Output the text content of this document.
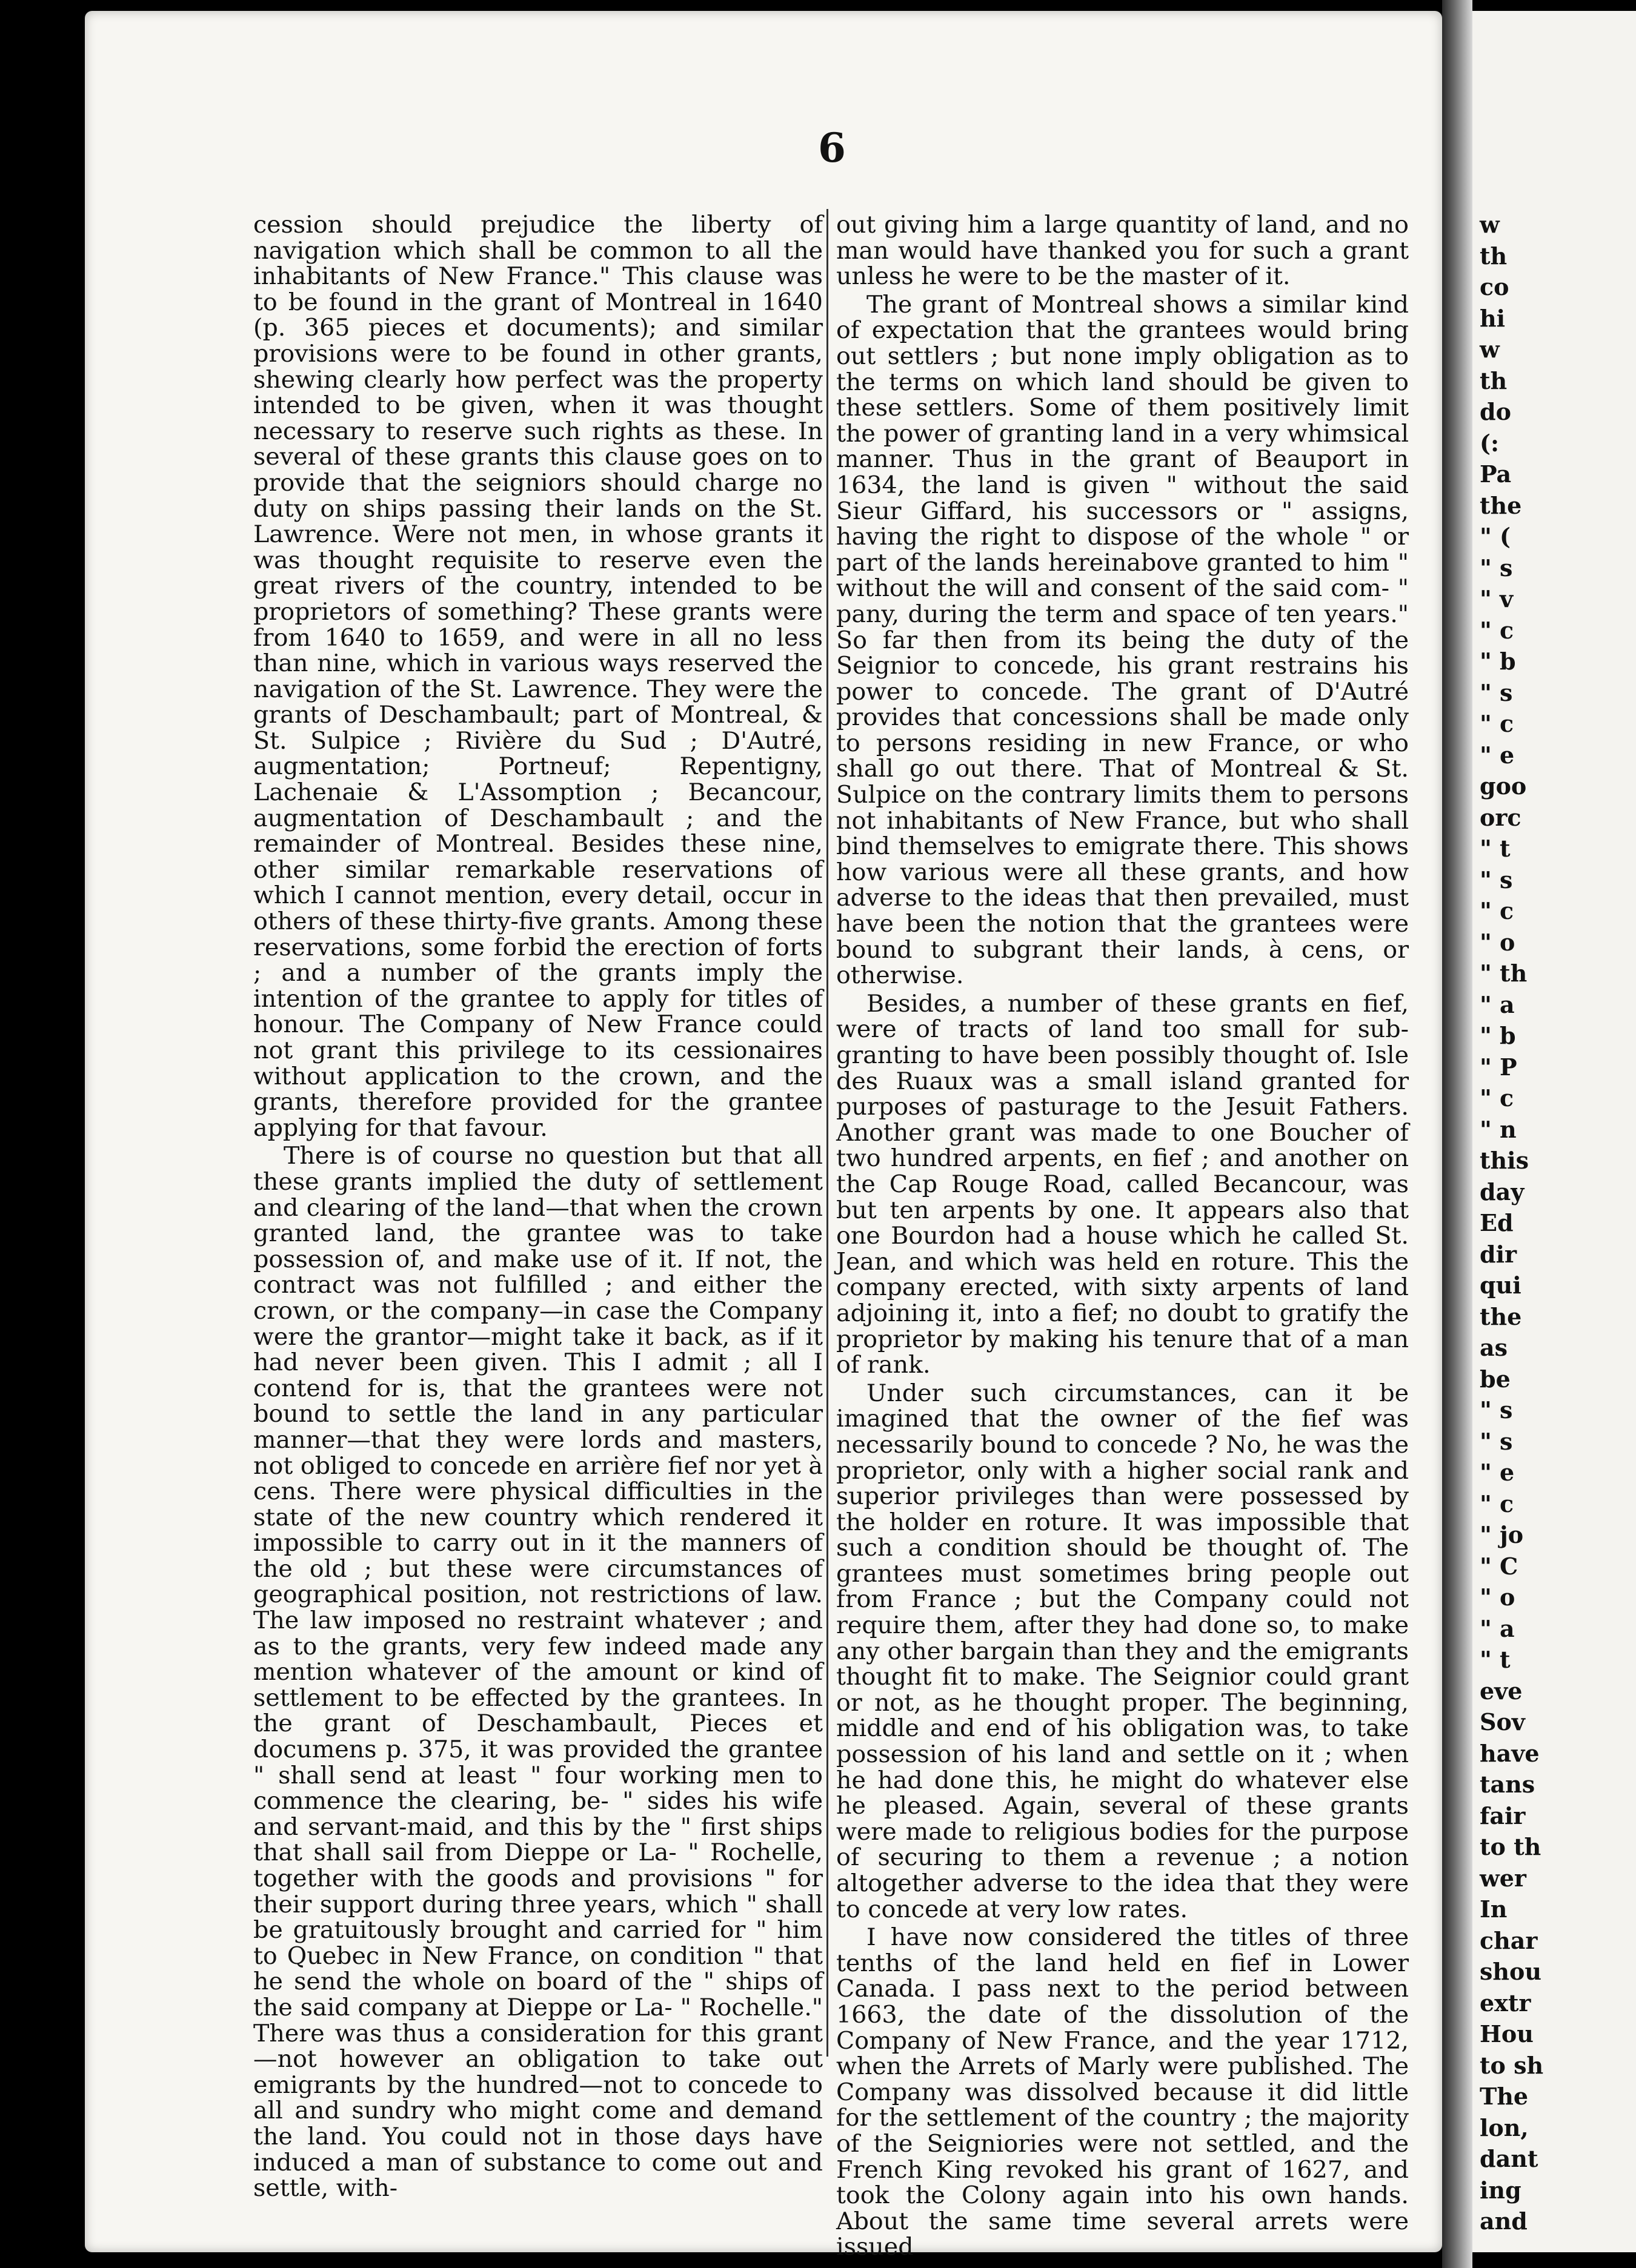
w
th
co
hi
w
th
do
(:
Pa
the
" (
" s
" v
" c
" b
" s
" c
" e
goo
orc
" t
" s
" c
" o
" th
" a
" b
" P
" c
" n
this
day
Ed
dir
qui
the
as
be
" s
" s
" e
" c
" jo
" C
" o
" a
" t
eve
Sov
have
tans
fair
to th
wer
In
char
shou
extr
Hou
to sh
The
lon,
dant
ing
and
6

cession should prejudice the liberty of navigation which shall be common to all the inhabitants of New France." This clause was to be found in the grant of Montreal in 1640 (p. 365 pieces et documents); and similar provisions were to be found in other grants, shewing clearly how perfect was the property intended to be given, when it was thought necessary to reserve such rights as these. In several of these grants this clause goes on to provide that the seigniors should charge no duty on ships passing their lands on the St. Lawrence. Were not men, in whose grants it was thought requisite to reserve even the great rivers of the country, intended to be proprietors of something? These grants were from 1640 to 1659, and were in all no less than nine, which in various ways reserved the navigation of the St. Lawrence. They were the grants of Deschambault; part of Montreal, & St. Sulpice ; Rivière du Sud ; D'Autré, augmentation; Portneuf; Repentigny, Lachenaie & L'Assomption ; Becancour, augmentation of Deschambault ; and the remainder of Montreal. Besides these nine, other similar remarkable reservations of which I cannot mention, every detail, occur in others of these thirty-five grants. Among these reservations, some forbid the erection of forts ; and a number of the grants imply the intention of the grantee to apply for titles of honour. The Company of New France could not grant this privilege to its cessionaires without application to the crown, and the grants, therefore provided for the grantee applying for that favour.

There is of course no question but that all these grants implied the duty of settlement and clearing of the land—that when the crown granted land, the grantee was to take possession of, and make use of it. If not, the contract was not fulfilled ; and either the crown, or the company—in case the Company were the grantor—might take it back, as if it had never been given. This I admit ; all I contend for is, that the grantees were not bound to settle the land in any particular manner—that they were lords and masters, not obliged to concede en arrière fief nor yet à cens. There were physical difficulties in the state of the new country which rendered it impossible to carry out in it the manners of the old ; but these were circumstances of geographical position, not restrictions of law. The law imposed no restraint whatever ; and as to the grants, very few indeed made any mention whatever of the amount or kind of settlement to be effected by the grantees. In the grant of Deschambault, Pieces et documens p. 375, it was provided the grantee " shall send at least " four working men to commence the clearing, be- " sides his wife and servant-maid, and this by the " first ships that shall sail from Dieppe or La- " Rochelle, together with the goods and provisions " for their support during three years, which " shall be gratuitously brought and carried for " him to Quebec in New France, on condition " that he send the whole on board of the " ships of the said company at Dieppe or La- " Rochelle." There was thus a consideration for this grant—not however an obligation to take out emigrants by the hundred—not to concede to all and sundry who might come and demand the land. You could not in those days have induced a man of substance to come out and settle, with-

out giving him a large quantity of land, and no man would have thanked you for such a grant unless he were to be the master of it.

The grant of Montreal shows a similar kind of expectation that the grantees would bring out settlers ; but none imply obligation as to the terms on which land should be given to these settlers. Some of them positively limit the power of granting land in a very whimsical manner. Thus in the grant of Beauport in 1634, the land is given " without the said Sieur Giffard, his successors or " assigns, having the right to dispose of the whole " or part of the lands hereinabove granted to him " without the will and consent of the said com- " pany, during the term and space of ten years." So far then from its being the duty of the Seignior to concede, his grant restrains his power to concede. The grant of D'Autré provides that concessions shall be made only to persons residing in new France, or who shall go out there. That of Montreal & St. Sulpice on the contrary limits them to persons not inhabitants of New France, but who shall bind themselves to emigrate there. This shows how various were all these grants, and how adverse to the ideas that then prevailed, must have been the notion that the grantees were bound to subgrant their lands, à cens, or otherwise.

Besides, a number of these grants en fief, were of tracts of land too small for sub-granting to have been possibly thought of. Isle des Ruaux was a small island granted for purposes of pasturage to the Jesuit Fathers. Another grant was made to one Boucher of two hundred arpents, en fief ; and another on the Cap Rouge Road, called Becancour, was but ten arpents by one. It appears also that one Bourdon had a house which he called St. Jean, and which was held en roture. This the company erected, with sixty arpents of land adjoining it, into a fief; no doubt to gratify the proprietor by making his tenure that of a man of rank.

Under such circumstances, can it be imagined that the owner of the fief was necessarily bound to concede ? No, he was the proprietor, only with a higher social rank and superior privileges than were possessed by the holder en roture. It was impossible that such a condition should be thought of. The grantees must sometimes bring people out from France ; but the Company could not require them, after they had done so, to make any other bargain than they and the emigrants thought fit to make. The Seignior could grant or not, as he thought proper. The beginning, middle and end of his obligation was, to take possession of his land and settle on it ; when he had done this, he might do whatever else he pleased. Again, several of these grants were made to religious bodies for the purpose of securing to them a revenue ; a notion altogether adverse to the idea that they were to concede at very low rates.

I have now considered the titles of three tenths of the land held en fief in Lower Canada. I pass next to the period between 1663, the date of the dissolution of the Company of New France, and the year 1712, when the Arrets of Marly were published. The Company was dissolved because it did little for the settlement of the country ; the majority of the Seigniories were not settled, and the French King revoked his grant of 1627, and took the Colony again into his own hands. About the same time several arrets were issued
